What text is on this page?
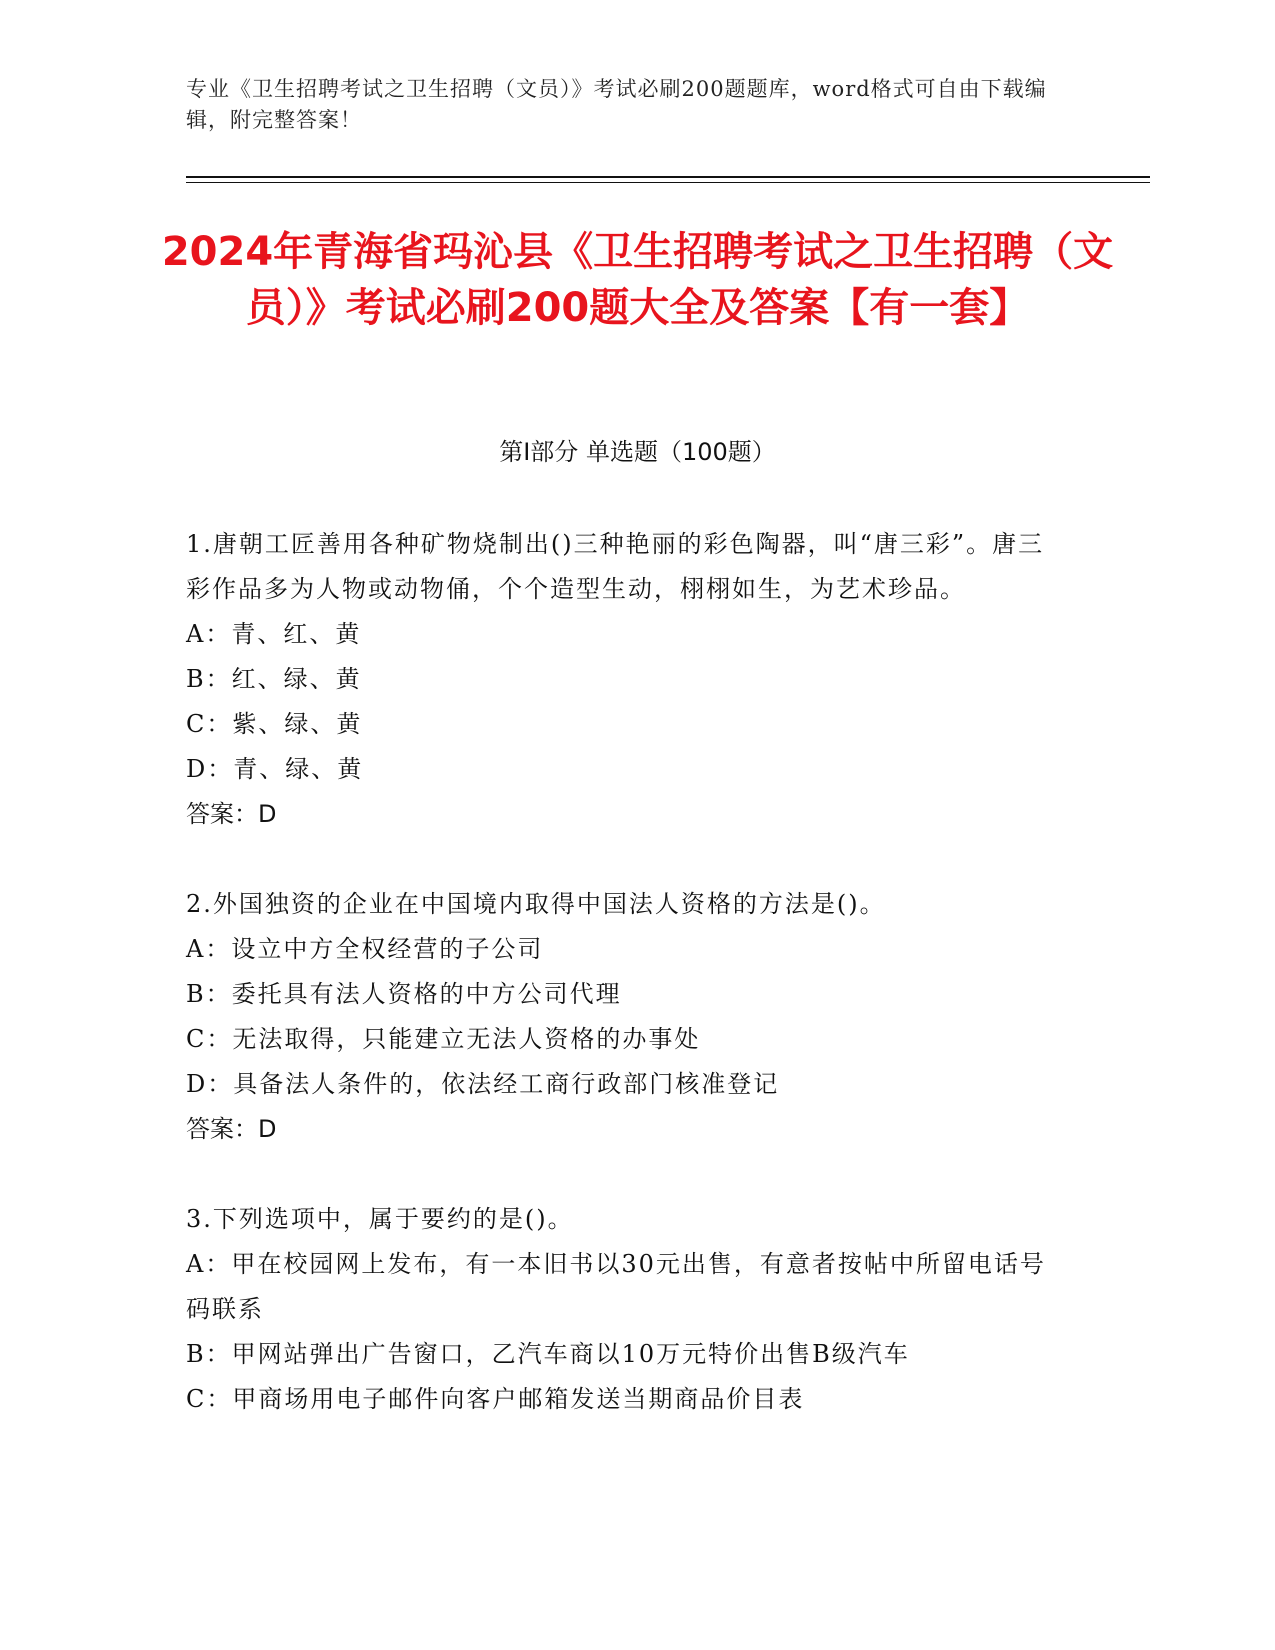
专业《卫生招聘考试之卫生招聘（文员）》考试必刷200题题库，word格式可自由下载编辑，附完整答案！
2024年青海省玛沁县《卫生招聘考试之卫生招聘（文员）》考试必刷200题大全及答案【有一套】
第Ⅰ部分 单选题（100题）
1.唐朝工匠善用各种矿物烧制出()三种艳丽的彩色陶器，叫“唐三彩”。唐三彩作品多为人物或动物俑，个个造型生动，栩栩如生，为艺术珍品。
A：青、红、黄
B：红、绿、黄
C：紫、绿、黄
D：青、绿、黄
答案：D
2.外国独资的企业在中国境内取得中国法人资格的方法是()。
A：设立中方全权经营的子公司
B：委托具有法人资格的中方公司代理
C：无法取得，只能建立无法人资格的办事处
D：具备法人条件的，依法经工商行政部门核准登记
答案：D
3.下列选项中，属于要约的是()。
A：甲在校园网上发布，有一本旧书以30元出售，有意者按帖中所留电话号码联系
B：甲网站弹出广告窗口，乙汽车商以10万元特价出售B级汽车
C：甲商场用电子邮件向客户邮箱发送当期商品价目表
